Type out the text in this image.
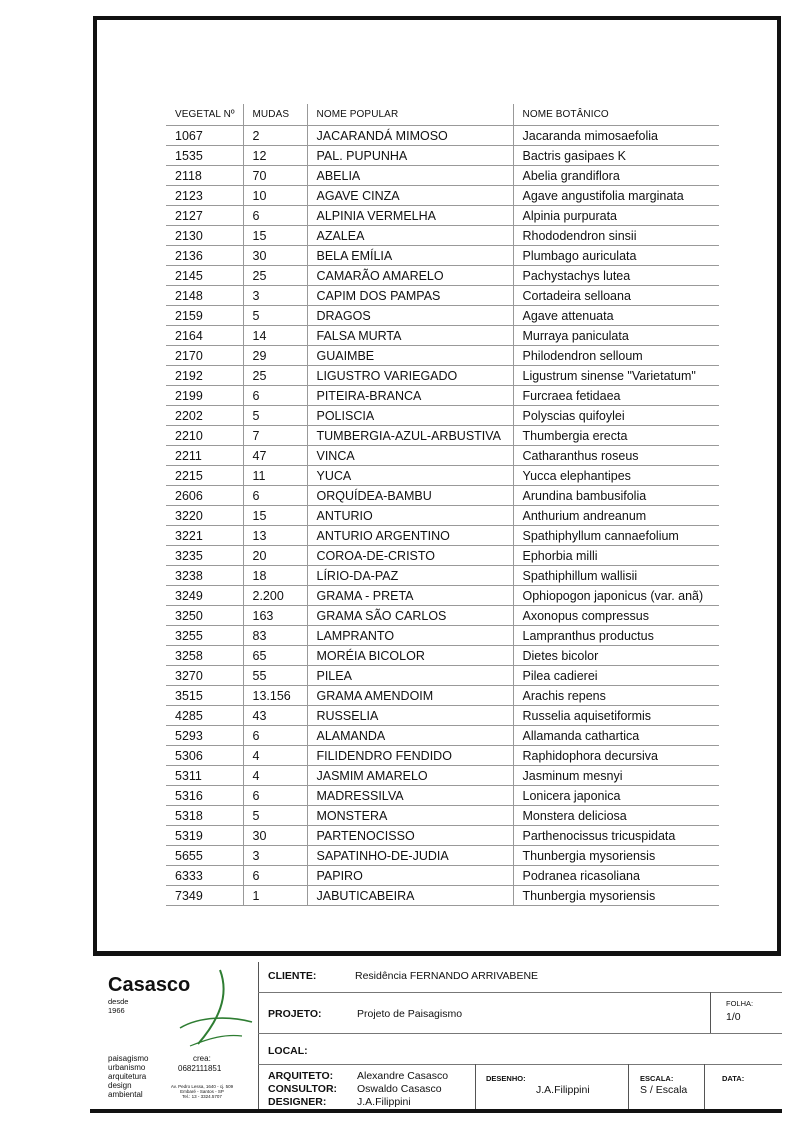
VEGETAL Nº	MUDAS	NOME POPULAR	NOME BOTÂNICO
1067	2	JACARANDÁ MIMOSO	Jacaranda mimosaefolia
1535	12	PAL. PUPUNHA	Bactris gasipaes K
2118	70	ABELIA	Abelia grandiflora
2123	10	AGAVE CINZA	Agave angustifolia marginata
2127	6	ALPINIA VERMELHA	Alpinia purpurata
2130	15	AZALEA	Rhododendron sinsii
2136	30	BELA EMÍLIA	Plumbago auriculata
2145	25	CAMARÃO AMARELO	Pachystachys lutea
2148	3	CAPIM DOS PAMPAS	Cortadeira selloana
2159	5	DRAGOS	Agave attenuata
2164	14	FALSA MURTA	Murraya paniculata
2170	29	GUAIMBE	Philodendron selloum
2192	25	LIGUSTRO VARIEGADO	Ligustrum sinense "Varietatum"
2199	6	PITEIRA-BRANCA	Furcraea fetidaea
2202	5	POLISCIA	Polyscias quifoylei
2210	7	TUMBERGIA-AZUL-ARBUSTIVA	Thumbergia erecta
2211	47	VINCA	Catharanthus roseus
2215	11	YUCA	Yucca elephantipes
2606	6	ORQUÍDEA-BAMBU	Arundina bambusifolia
3220	15	ANTURIO	Anthurium andreanum
3221	13	ANTURIO ARGENTINO	Spathiphyllum cannaefolium
3235	20	COROA-DE-CRISTO	Ephorbia milli
3238	18	LÍRIO-DA-PAZ	Spathiphillum wallisii
3249	2.200	GRAMA - PRETA	Ophiopogon japonicus (var. anã)
3250	163	GRAMA SÃO CARLOS	Axonopus compressus
3255	83	LAMPRANTO	Lampranthus productus
3258	65	MORÉIA BICOLOR	Dietes bicolor
3270	55	PILEA	Pilea cadierei
3515	13.156	GRAMA AMENDOIM	Arachis repens
4285	43	RUSSELIA	Russelia aquisetiformis
5293	6	ALAMANDA	Allamanda cathartica
5306	4	FILIDENDRO FENDIDO	Raphidophora decursiva
5311	4	JASMIM AMARELO	Jasminum mesnyi
5316	6	MADRESSILVA	Lonicera japonica
5318	5	MONSTERA	Monstera deliciosa
5319	30	PARTENOCISSO	Parthenocissus tricuspidata
5655	3	SAPATINHO-DE-JUDIA	Thunbergia mysoriensis
6333	6	PAPIRO	Podranea ricasoliana
7349	1	JABUTICABEIRA	Thunbergia mysoriensis
Casasco
desde
1966
paisagismo
urbanismo
arquitetura
design
ambiental
crea:
0682111851
Av. Pedro Lessa, 1640 - cj. 509
Embaré - Santos - SP
Tel.: 13 - 3324.5707
CLIENTE:	Residência FERNANDO ARRIVABENE
PROJETO:	Projeto de Paisagismo
FOLHA:
1/0
LOCAL:
ARQUITETO: Alexandre Casasco
CONSULTOR: Oswaldo Casasco
DESIGNER:	J.A.Filippini
DESENHO:
J.A.Filippini
ESCALA:
S / Escala
DATA:
